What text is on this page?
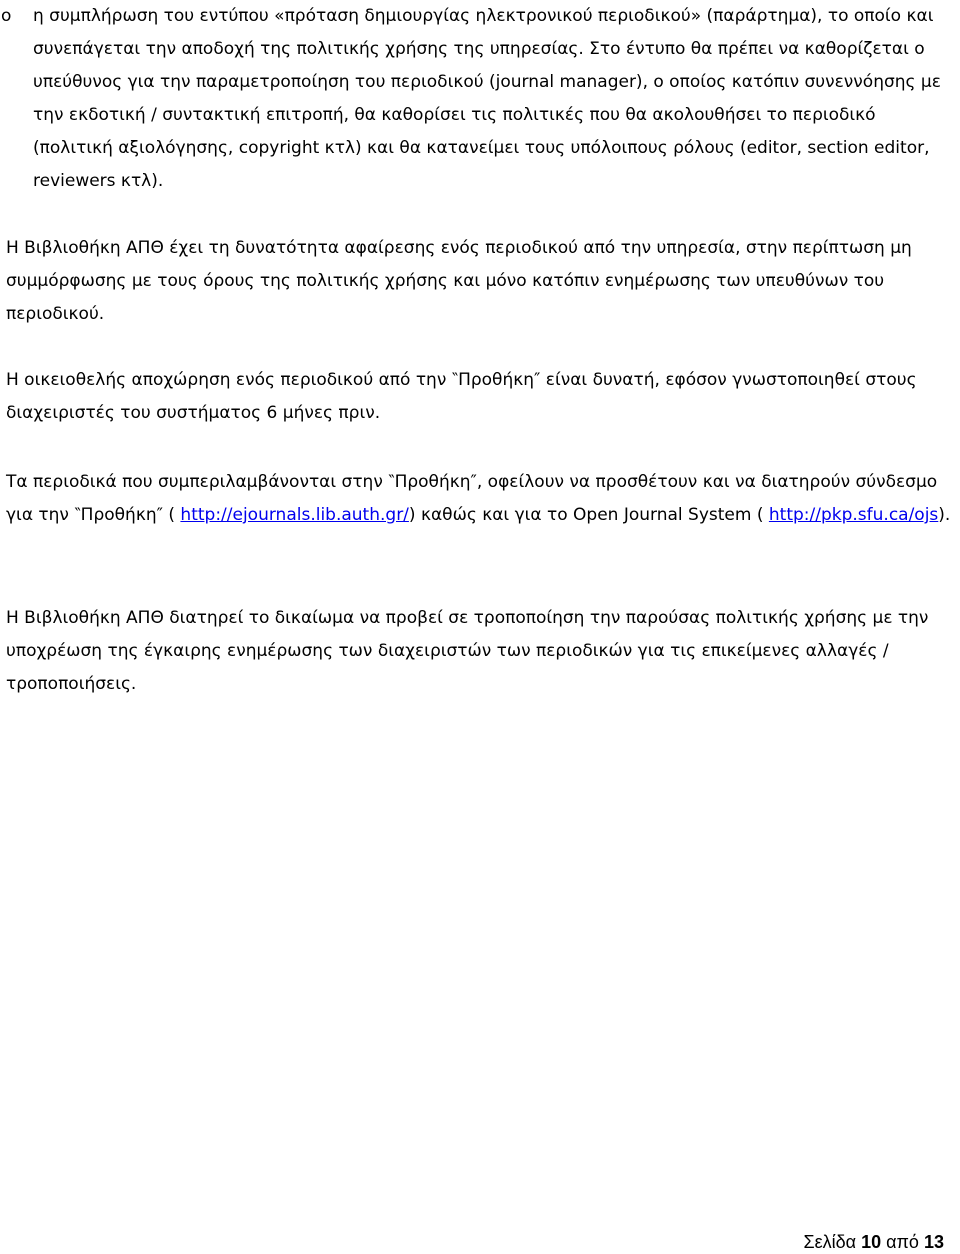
o η συμπλήρωση του εντύπου «πρόταση δημιουργίας ηλεκτρονικού περιοδικού» (παράρτημα), το οποίο και συνεπάγεται την αποδοχή της πολιτικής χρήσης της υπηρεσίας. Στο έντυπο θα πρέπει να καθορίζεται ο υπεύθυνος για την παραμετροποίηση του περιοδικού (journal manager), ο οποίος κατόπιν συνεννόησης με την εκδοτική / συντακτική επιτροπή, θα καθορίσει τις πολιτικές που θα ακολουθήσει το περιοδικό (πολιτική αξιολόγησης, copyright κτλ) και θα κατανείμει τους υπόλοιπους ρόλους (editor, section editor, reviewers κτλ).

Η Βιβλιοθήκη ΑΠΘ έχει τη δυνατότητα αφαίρεσης ενός περιοδικού από την υπηρεσία, στην περίπτωση μη συμμόρφωσης με τους όρους της πολιτικής χρήσης και μόνο κατόπιν ενημέρωσης των υπευθύνων του περιοδικού.

Η οικειοθελής αποχώρηση ενός περιοδικού από την ‶Προθήκη″ είναι δυνατή, εφόσον γνωστοποιηθεί στους διαχειριστές του συστήματος 6 μήνες πριν.

Τα περιοδικά που συμπεριλαμβάνονται στην ‶Προθήκη″, οφείλουν να προσθέτουν και να διατηρούν σύνδεσμο για την ‶Προθήκη″ ( http://ejournals.lib.auth.gr/) καθώς και για το Open Journal System ( http://pkp.sfu.ca/ojs).

Η Βιβλιοθήκη ΑΠΘ διατηρεί το δικαίωμα να προβεί σε τροποποίηση την παρούσας πολιτικής χρήσης με την υποχρέωση της έγκαιρης ενημέρωσης των διαχειριστών των περιοδικών για τις επικείμενες αλλαγές / τροποποιήσεις.

Σελίδα 10 από 13
